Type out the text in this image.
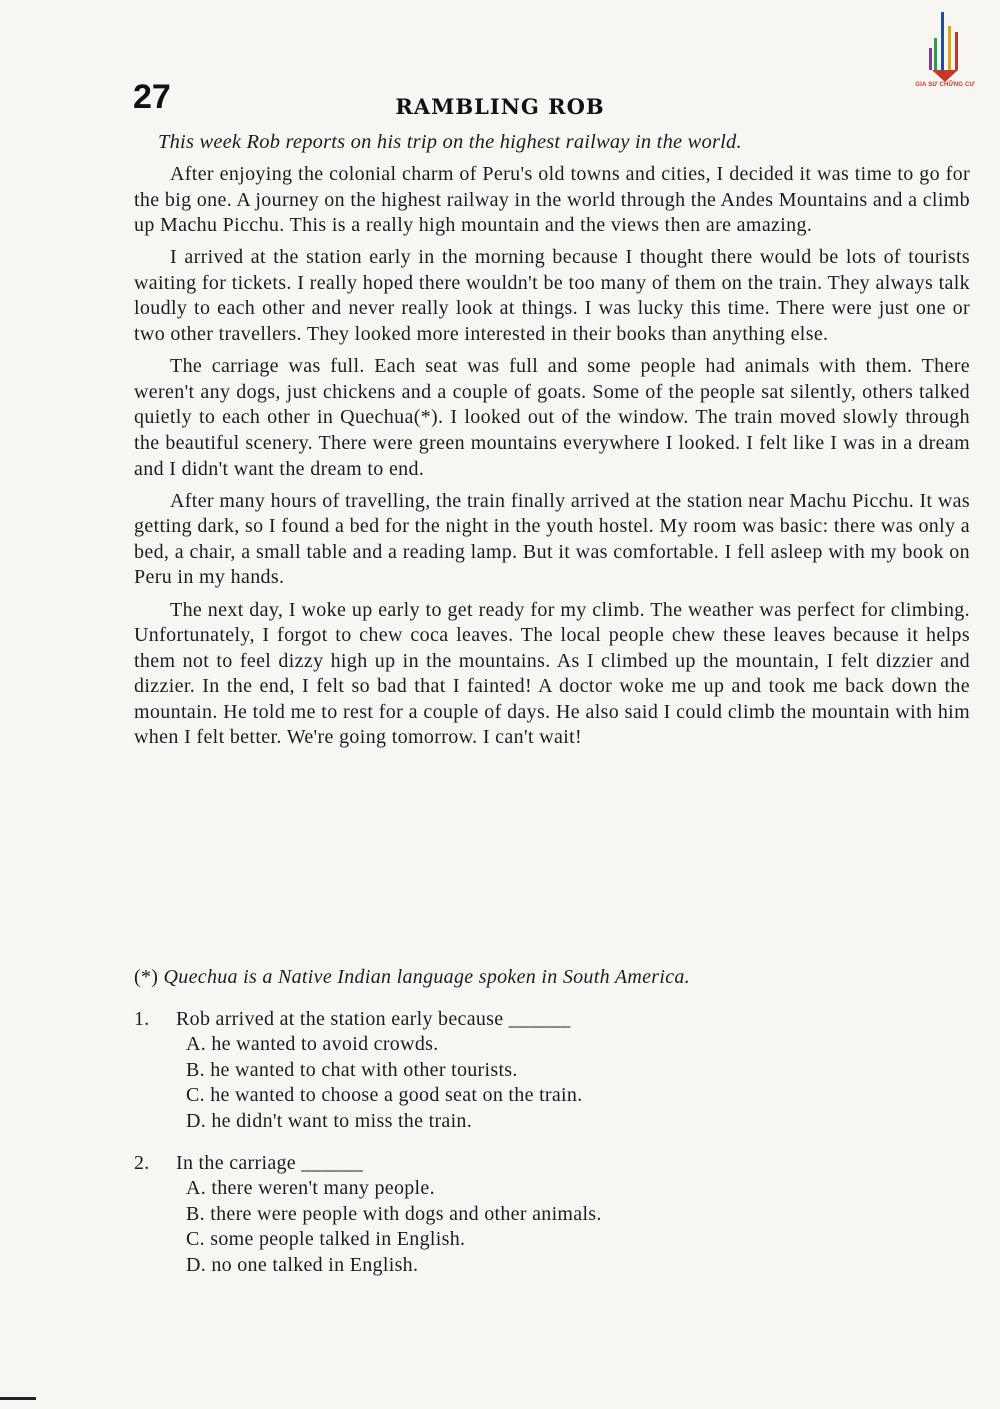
GIA SƯ CHỮNG CƯ
27	RAMBLING ROB
This week Rob reports on his trip on the highest railway in the world.

After enjoying the colonial charm of Peru's old towns and cities, I decided it was time to go for the big one. A journey on the highest railway in the world through the Andes Mountains and a climb up Machu Picchu. This is a really high mountain and the views then are amazing.

I arrived at the station early in the morning because I thought there would be lots of tourists waiting for tickets. I really hoped there wouldn't be too many of them on the train. They always talk loudly to each other and never really look at things. I was lucky this time. There were just one or two other travellers. They looked more interested in their books than anything else.

The carriage was full. Each seat was full and some people had animals with them. There weren't any dogs, just chickens and a couple of goats. Some of the people sat silently, others talked quietly to each other in Quechua(*). I looked out of the window. The train moved slowly through the beautiful scenery. There were green mountains everywhere I looked. I felt like I was in a dream and I didn't want the dream to end.

After many hours of travelling, the train finally arrived at the station near Machu Picchu. It was getting dark, so I found a bed for the night in the youth hostel. My room was basic: there was only a bed, a chair, a small table and a reading lamp. But it was comfortable. I fell asleep with my book on Peru in my hands.

The next day, I woke up early to get ready for my climb. The weather was perfect for climbing. Unfortunately, I forgot to chew coca leaves. The local people chew these leaves because it helps them not to feel dizzy high up in the mountains. As I climbed up the mountain, I felt dizzier and dizzier. In the end, I felt so bad that I fainted! A doctor woke me up and took me back down the mountain. He told me to rest for a couple of days. He also said I could climb the mountain with him when I felt better. We're going tomorrow. I can't wait!

(*) Quechua is a Native Indian language spoken in South America.
1. Rob arrived at the station early because ______
A. he wanted to avoid crowds.
B. he wanted to chat with other tourists.
C. he wanted to choose a good seat on the train.
D. he didn't want to miss the train.
2. In the carriage ______
A. there weren't many people.
B. there were people with dogs and other animals.
C. some people talked in English.
D. no one talked in English.
